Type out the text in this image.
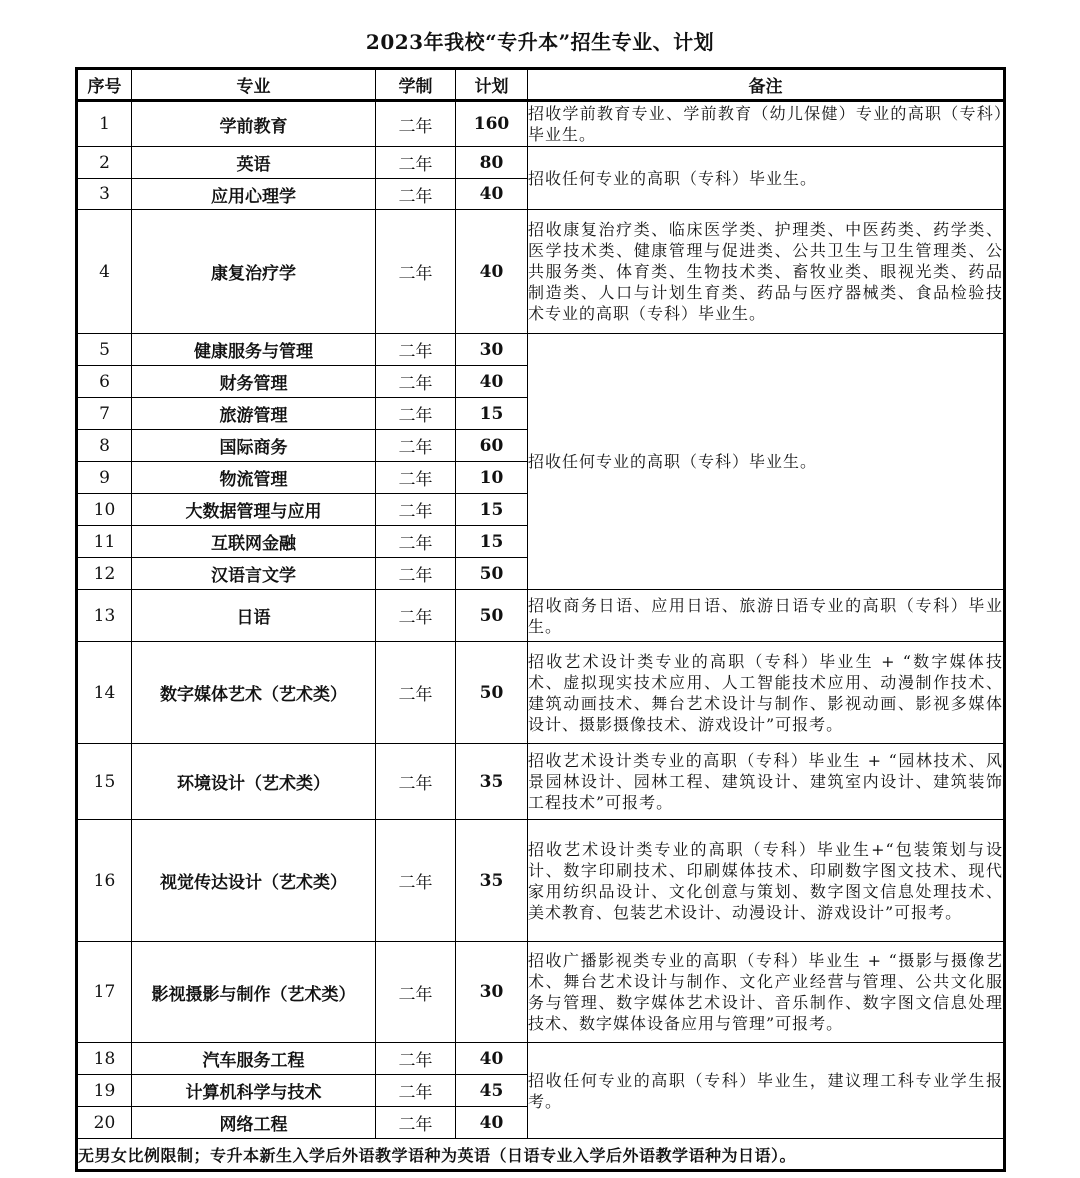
2023年我校“专升本”招生专业、计划
序号	专业	学制	计划	备注
1	学前教育	二年	160	招收学前教育专业、学前教育（幼儿保健）专业的高职（专科）毕业生。
2	英语	二年	80	招收任何专业的高职（专科）毕业生。
3	应用心理学	二年	40	
4	康复治疗学	二年	40	招收康复治疗类、临床医学类、护理类、中医药类、药学类、医学技术类、健康管理与促进类、公共卫生与卫生管理类、公共服务类、体育类、生物技术类、畜牧业类、眼视光类、药品制造类、人口与计划生育类、药品与医疗器械类、食品检验技术专业的高职（专科）毕业生。
5	健康服务与管理	二年	30	招收任何专业的高职（专科）毕业生。
6	财务管理	二年	40	
7	旅游管理	二年	15	
8	国际商务	二年	60	
9	物流管理	二年	10	
10	大数据管理与应用	二年	15	
11	互联网金融	二年	15	
12	汉语言文学	二年	50	
13	日语	二年	50	招收商务日语、应用日语、旅游日语专业的高职（专科）毕业生。
14	数字媒体艺术（艺术类）	二年	50	招收艺术设计类专业的高职（专科）毕业生 + “数字媒体技术、虚拟现实技术应用、人工智能技术应用、动漫制作技术、建筑动画技术、舞台艺术设计与制作、影视动画、影视多媒体设计、摄影摄像技术、游戏设计”可报考。
15	环境设计（艺术类）	二年	35	招收艺术设计类专业的高职（专科）毕业生 + “园林技术、风景园林设计、园林工程、建筑设计、建筑室内设计、建筑装饰工程技术”可报考。
16	视觉传达设计（艺术类）	二年	35	招收艺术设计类专业的高职（专科）毕业生+“包装策划与设计、数字印刷技术、印刷媒体技术、印刷数字图文技术、现代家用纺织品设计、文化创意与策划、数字图文信息处理技术、美术教育、包装艺术设计、动漫设计、游戏设计”可报考。
17	影视摄影与制作（艺术类）	二年	30	招收广播影视类专业的高职（专科）毕业生 + “摄影与摄像艺术、舞台艺术设计与制作、文化产业经营与管理、公共文化服务与管理、数字媒体艺术设计、音乐制作、数字图文信息处理技术、数字媒体设备应用与管理”可报考。
18	汽车服务工程	二年	40	招收任何专业的高职（专科）毕业生，建议理工科专业学生报考。
19	计算机科学与技术	二年	45	
20	网络工程	二年	40	
无男女比例限制；专升本新生入学后外语教学语种为英语（日语专业入学后外语教学语种为日语）。				
